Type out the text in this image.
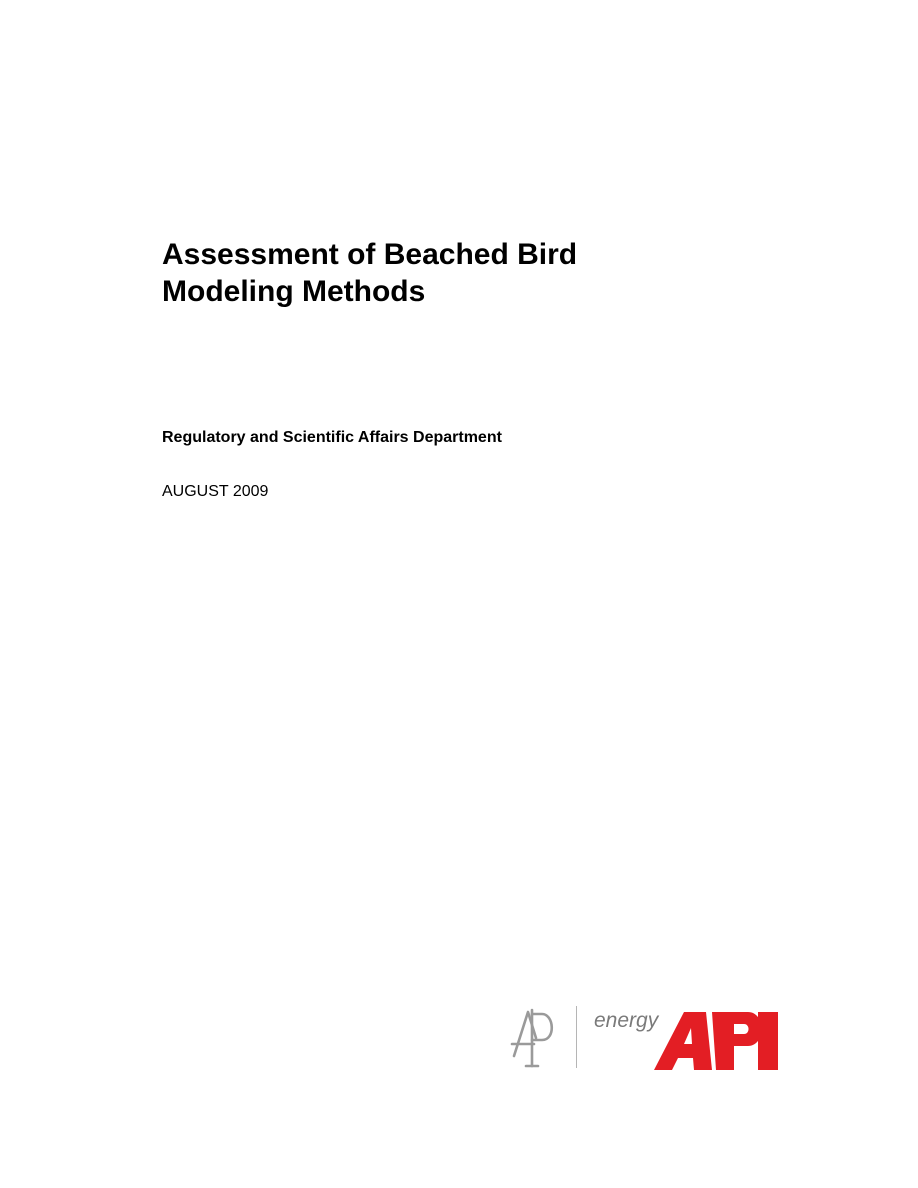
Assessment of Beached Bird
Modeling Methods

Regulatory and Scientific Affairs Department

AUGUST 2009

energy
